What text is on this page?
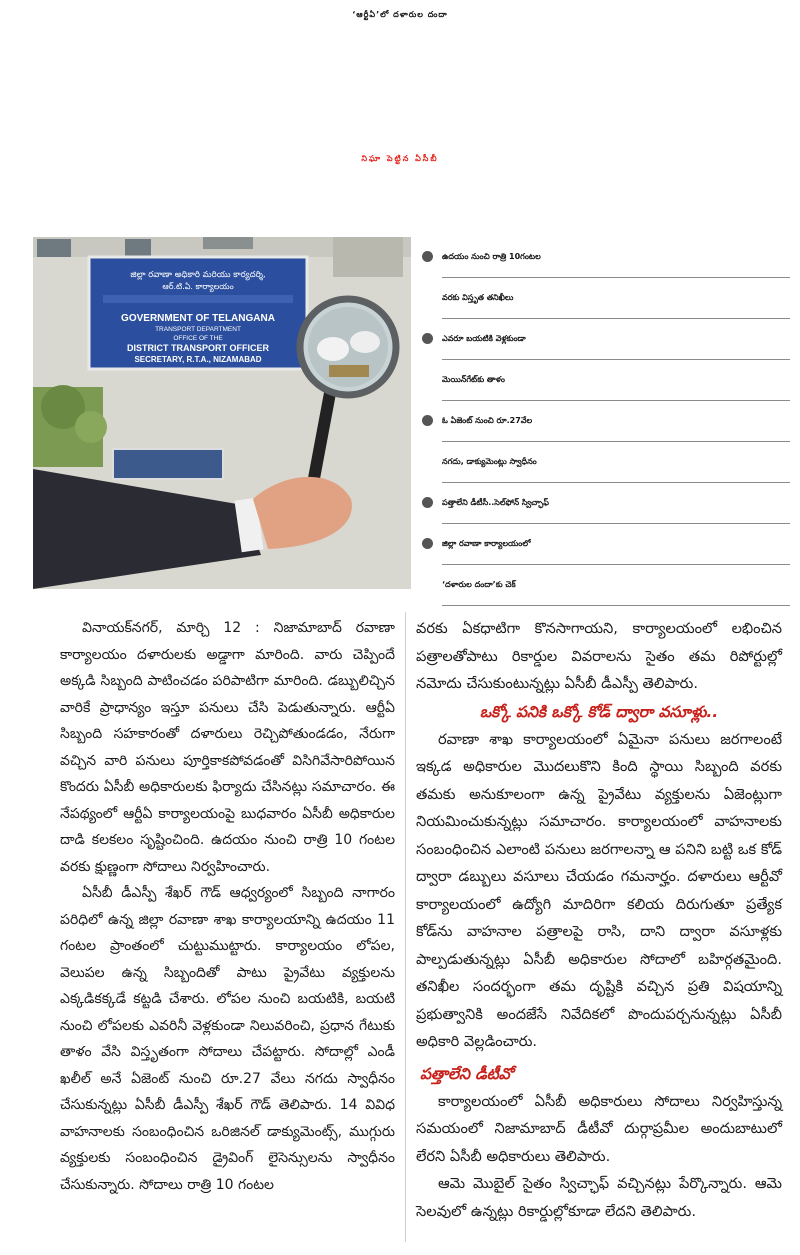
‘ఆర్టీఏ’లో దళారుల దందా
నిఘా పెట్టిన ఏసీబీ
జిల్లా రవాణా అధికారి మరియు కార్యదర్శి,
ఆర్.టి.ఏ. కార్యాలయం
GOVERNMENT OF TELANGANA
TRANSPORT DEPARTMENT
OFFICE OF THE
DISTRICT TRANSPORT OFFICER
SECRETARY, R.T.A., NIZAMABAD
ఉదయం నుంచి రాత్రి 10గంటల
వరకు విస్తృత తనిఖీలు
ఎవరూ బయటికి వెళ్లకుండా
మెయిన్‌గేట్‌కు తాళం
ఓ ఏజెంట్ నుంచి రూ.27వేల
నగదు, డాక్యుమెంట్లు స్వాధీనం
పత్తాలేని డీటీసీ..సెల్‌ఫోన్ స్విచ్ఛాఫ్
జిల్లా రవాణా కార్యాలయంలో
‘దళారుల దందా’కు చెక్

వినాయక్‌నగర్, మార్చి 12 : నిజామాబాద్ రవాణా కార్యాలయం దళారులకు అడ్డాగా మారింది. వారు చెప్పిందే అక్కడి సిబ్బంది పాటించడం పరిపాటిగా మారింది. డబ్బులిచ్చిన వారికే ప్రాధాన్యం ఇస్తూ పనులు చేసి పెడుతున్నారు. ఆర్టీఏ సిబ్బంది సహకారంతో దళారులు రెచ్చిపోతుండడం, నేరుగా వచ్చిన వారి పనులు పూర్తికాకపోవడంతో విసిగివేసారిపోయిన కొందరు ఏసీబీ అధికారులకు ఫిర్యాదు చేసినట్లు సమాచారం. ఈ నేపథ్యంలో ఆర్టీఏ కార్యాలయంపై బుధవారం ఏసీబీ అధికారుల దాడి కలకలం సృష్టించింది. ఉదయం నుంచి రాత్రి 10 గంటల వరకు క్షుణ్ణంగా సోదాలు నిర్వహించారు.

ఏసీబీ డీఎస్పీ శేఖర్ గౌడ్ ఆధ్వర్యంలో సిబ్బంది నాగారం పరిధిలో ఉన్న జిల్లా రవాణా శాఖ కార్యాలయాన్ని ఉదయం 11 గంటల ప్రాంతంలో చుట్టుముట్టారు. కార్యాలయం లోపల, వెలుపల ఉన్న సిబ్బందితో పాటు ప్రైవేటు వ్యక్తులను ఎక్కడికక్కడే కట్టడి చేశారు. లోపల నుంచి బయటికి, బయటి నుంచి లోపలకు ఎవరినీ వెళ్లకుండా నిలువరించి, ప్రధాన గేటుకు తాళం వేసి విస్తృతంగా సోదాలు చేపట్టారు. సోదాల్లో ఎండీ ఖలీల్ అనే ఏజెంట్ నుంచి రూ.27 వేలు నగదు స్వాధీనం చేసుకున్నట్లు ఏసీబీ డీఎస్పీ శేఖర్ గౌడ్ తెలిపారు. 14 వివిధ వాహనాలకు సంబంధించిన ఒరిజినల్ డాక్యుమెంట్స్, ముగ్గురు వ్యక్తులకు సంబంధించిన డ్రైవింగ్ లైసెన్సులను స్వాధీనం చేసుకున్నారు. సోదాలు రాత్రి 10 గంటల

వరకు ఏకధాటిగా కొనసాగాయని, కార్యాలయంలో లభించిన పత్రాలతోపాటు రికార్డుల వివరాలను సైతం తమ రిపోర్టుల్లో నమోదు చేసుకుంటున్నట్లు ఏసీబీ డీఎస్పీ తెలిపారు.

ఒక్కో పనికి ఒక్కో కోడ్ ద్వారా వసూళ్లు..

రవాణా శాఖ కార్యాలయంలో ఏమైనా పనులు జరగాలంటే ఇక్కడ అధికారుల మొదలుకొని కింది స్థాయి సిబ్బంది వరకు తమకు అనుకూలంగా ఉన్న ప్రైవేటు వ్యక్తులను ఏజెంట్లుగా నియమించుకున్నట్లు సమాచారం. కార్యాలయంలో వాహనాలకు సంబంధించిన ఎలాంటి పనులు జరగాలన్నా ఆ పనిని బట్టి ఒక కోడ్ ద్వారా డబ్బులు వసూలు చేయడం గమనార్హం. దళారులు ఆర్టీవో కార్యాలయంలో ఉద్యోగి మాదిరిగా కలియ దిరుగుతూ ప్రత్యేక కోడ్‌ను వాహనాల పత్రాలపై రాసి, దాని ద్వారా వసూళ్లకు పాల్పడుతున్నట్లు ఏసీబీ అధికారుల సోదాలో బహిర్గతమైంది. తనిఖీల సందర్భంగా తమ దృష్టికి వచ్చిన ప్రతి విషయాన్ని ప్రభుత్వానికి అందజేసే నివేదికలో పొందుపర్చనున్నట్లు ఏసీబీ అధికారి వెల్లడించారు.

పత్తాలేని డీటీవో

కార్యాలయంలో ఏసీబీ అధికారులు సోదాలు నిర్వహిస్తున్న సమయంలో నిజామాబాద్ డీటీవో దుర్గాప్రమీల అందుబాటులో లేరని ఏసీబీ అధికారులు తెలిపారు.

ఆమె మొబైల్ సైతం స్విచ్ఛాఫ్ వచ్చినట్లు పేర్కొన్నారు. ఆమె సెలవులో ఉన్నట్లు రికార్డుల్లోకూడా లేదని తెలిపారు.
